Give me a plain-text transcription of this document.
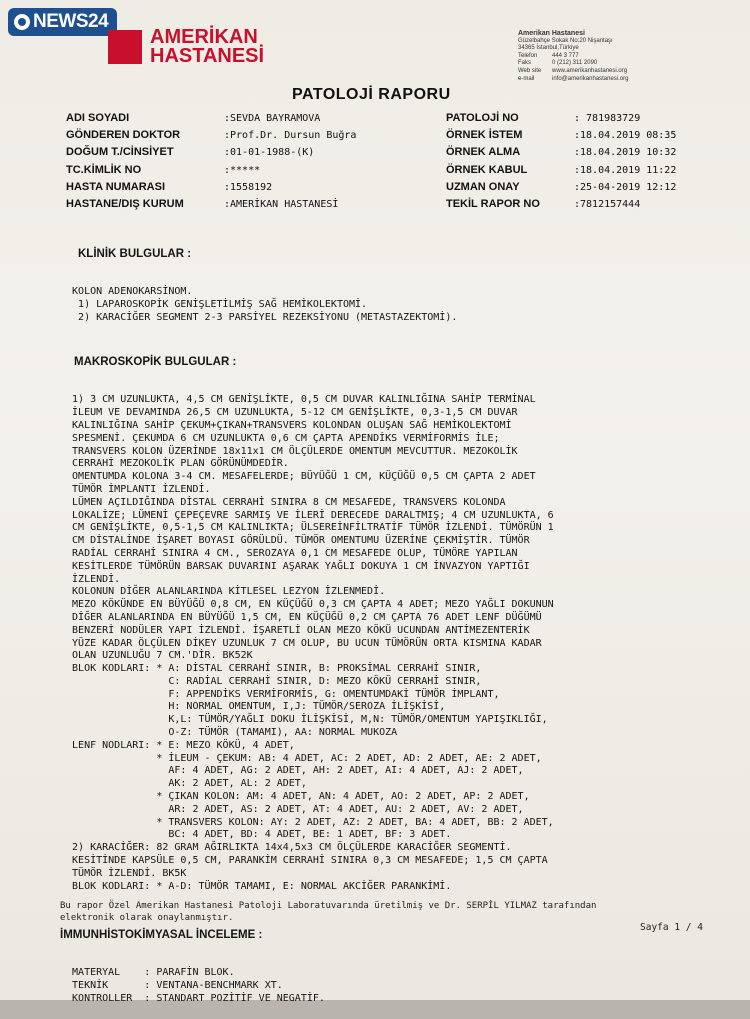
NEWS24
AMERİKAN
HASTANESİ
Amerikan Hastanesi
Güzelbahçe Sokak No:20 Nişantaşı
34365 İstanbul,Türkiye
Telefon	444 3 777
Faks	0 (212) 311 2090
Web site	www.amerikanhastanesi.org
e-mail	info@amerikanhastanesi.org
PATOLOJİ RAPORU
ADI SOYADI	:SEVDA BAYRAMOVA
GÖNDEREN DOKTOR	:Prof.Dr. Dursun Buğra
DOĞUM T./CİNSİYET	:01-01-1988-(K)
TC.KİMLİK NO	:*****
HASTA NUMARASI	:1558192
HASTANE/DIŞ KURUM	:AMERİKAN HASTANESİ
PATOLOJİ NO	: 781983729
ÖRNEK İSTEM	:18.04.2019 08:35
ÖRNEK ALMA	:18.04.2019 10:32
ÖRNEK KABUL	:18.04.2019 11:22
UZMAN ONAY	:25-04-2019 12:12
TEKİL RAPOR NO	:7812157444

KLİNİK BULGULAR :

KOLON ADENOKARSİNOM.
1) LAPAROSKOPİK GENİŞLETİLMİŞ SAĞ HEMİKOLEKTOMİ.
2) KARACİĞER SEGMENT 2-3 PARSİYEL REZEKSİYONU (METASTAZEKTOMİ).

MAKROSKOPİK BULGULAR :

1) 3 CM UZUNLUKTA, 4,5 CM GENİŞLİKTE, 0,5 CM DUVAR KALINLIĞINA SAHİP TERMİNAL
İLEUM VE DEVAMINDA 26,5 CM UZUNLUKTA, 5-12 CM GENİŞLİKTE, 0,3-1,5 CM DUVAR
KALINLIĞINA SAHİP ÇEKUM+ÇIKAN+TRANSVERS KOLONDAN OLUŞAN SAĞ HEMİKOLEKTOMİ
SPESMENİ. ÇEKUMDA 6 CM UZUNLUKTA 0,6 CM ÇAPTA APENDİKS VERMİFORMİS İLE;
TRANSVERS KOLON ÜZERİNDE 18x11x1 CM ÖLÇÜLERDE OMENTUM MEVCUTTUR. MEZOKOLİK
CERRAHİ MEZOKOLİK PLAN GÖRÜNÜMDEDİR.
OMENTUMDA KOLONA 3-4 CM. MESAFELERDE; BÜYÜĞÜ 1 CM, KÜÇÜĞÜ 0,5 CM ÇAPTA 2 ADET
TÜMÖR İMPLANTI İZLENDİ.
LÜMEN AÇILDIĞINDA DİSTAL CERRAHİ SINIRA 8 CM MESAFEDE, TRANSVERS KOLONDA
LOKALİZE; LÜMENİ ÇEPEÇEVRE SARMIŞ VE İLERİ DERECEDE DARALTMIŞ; 4 CM UZUNLUKTA, 6
CM GENİŞLİKTE, 0,5-1,5 CM KALINLIKTA; ÜLSEREİNFİLTRATİF TÜMÖR İZLENDİ. TÜMÖRÜN 1
CM DİSTALİNDE İŞARET BOYASI GÖRÜLDÜ. TÜMÖR OMENTUMU ÜZERİNE ÇEKMİŞTİR. TÜMÖR
RADİAL CERRAHİ SINIRA 4 CM., SEROZAYA 0,1 CM MESAFEDE OLUP, TÜMÖRE YAPILAN
KESİTLERDE TÜMÖRÜN BARSAK DUVARINI AŞARAK YAĞLI DOKUYA 1 CM İNVAZYON YAPTIĞI
İZLENDİ.
KOLONUN DİĞER ALANLARINDA KİTLESEL LEZYON İZLENMEDİ.
MEZO KÖKÜNDE EN BÜYÜĞÜ 0,8 CM, EN KÜÇÜĞÜ 0,3 CM ÇAPTA 4 ADET; MEZO YAĞLI DOKUNUN
DİĞER ALANLARINDA EN BÜYÜĞÜ 1,5 CM, EN KÜÇÜĞÜ 0,2 CM ÇAPTA 76 ADET LENF DÜĞÜMÜ
BENZERİ NODÜLER YAPI İZLENDİ. İŞARETLİ OLAN MEZO KÖKÜ UCUNDAN ANTİMEZENTERİK
YÜZE KADAR ÖLÇÜLEN DİKEY UZUNLUK 7 CM OLUP, BU UCUN TÜMÖRÜN ORTA KISMINA KADAR
OLAN UZUNLUĞU 7 CM.'DİR. BK52K
BLOK KODLARI: * A: DİSTAL CERRAHİ SINIR, B: PROKSİMAL CERRAHİ SINIR,
C: RADİAL CERRAHİ SINIR, D: MEZO KÖKÜ CERRAHİ SINIR,
F: APPENDİKS VERMİFORMİS, G: OMENTUMDAKİ TÜMÖR İMPLANT,
H: NORMAL OMENTUM, I,J: TÜMÖR/SEROZA İLİŞKİSİ,
K,L: TÜMÖR/YAĞLI DOKU İLİŞKİSİ, M,N: TÜMÖR/OMENTUM YAPIŞIKLIĞI,
O-Z: TÜMÖR (TAMAMI), AA: NORMAL MUKOZA
LENF NODLARI: * E: MEZO KÖKÜ, 4 ADET,
* İLEUM - ÇEKUM: AB: 4 ADET, AC: 2 ADET, AD: 2 ADET, AE: 2 ADET,
AF: 4 ADET, AG: 2 ADET, AH: 2 ADET, AI: 4 ADET, AJ: 2 ADET,
AK: 2 ADET, AL: 2 ADET,
* ÇIKAN KOLON: AM: 4 ADET, AN: 4 ADET, AO: 2 ADET, AP: 2 ADET,
AR: 2 ADET, AS: 2 ADET, AT: 4 ADET, AU: 2 ADET, AV: 2 ADET,
* TRANSVERS KOLON: AY: 2 ADET, AZ: 2 ADET, BA: 4 ADET, BB: 2 ADET,
BC: 4 ADET, BD: 4 ADET, BE: 1 ADET, BF: 3 ADET.
2) KARACİĞER: 82 GRAM AĞIRLIKTA 14x4,5x3 CM ÖLÇÜLERDE KARACİĞER SEGMENTİ.
KESİTİNDE KAPSÜLE 0,5 CM, PARANKİM CERRAHİ SINIRA 0,3 CM MESAFEDE; 1,5 CM ÇAPTA
TÜMÖR İZLENDİ. BK5K
BLOK KODLARI: * A-D: TÜMÖR TAMAMI, E: NORMAL AKCİĞER PARANKİMİ.

İMMUNHİSTOKİMYASAL İNCELEME :

MATERYAL    : PARAFİN BLOK.
TEKNİK      : VENTANA-BENCHMARK XT.
KONTROLLER  : STANDART POZİTİF VE NEGATİF.

Bu rapor Özel Amerikan Hastanesi Patoloji Laboratuvarında üretilmiş ve Dr. SERPİL YILMAZ tarafından
elektronik olarak onaylanmıştır.
Sayfa 1 / 4
